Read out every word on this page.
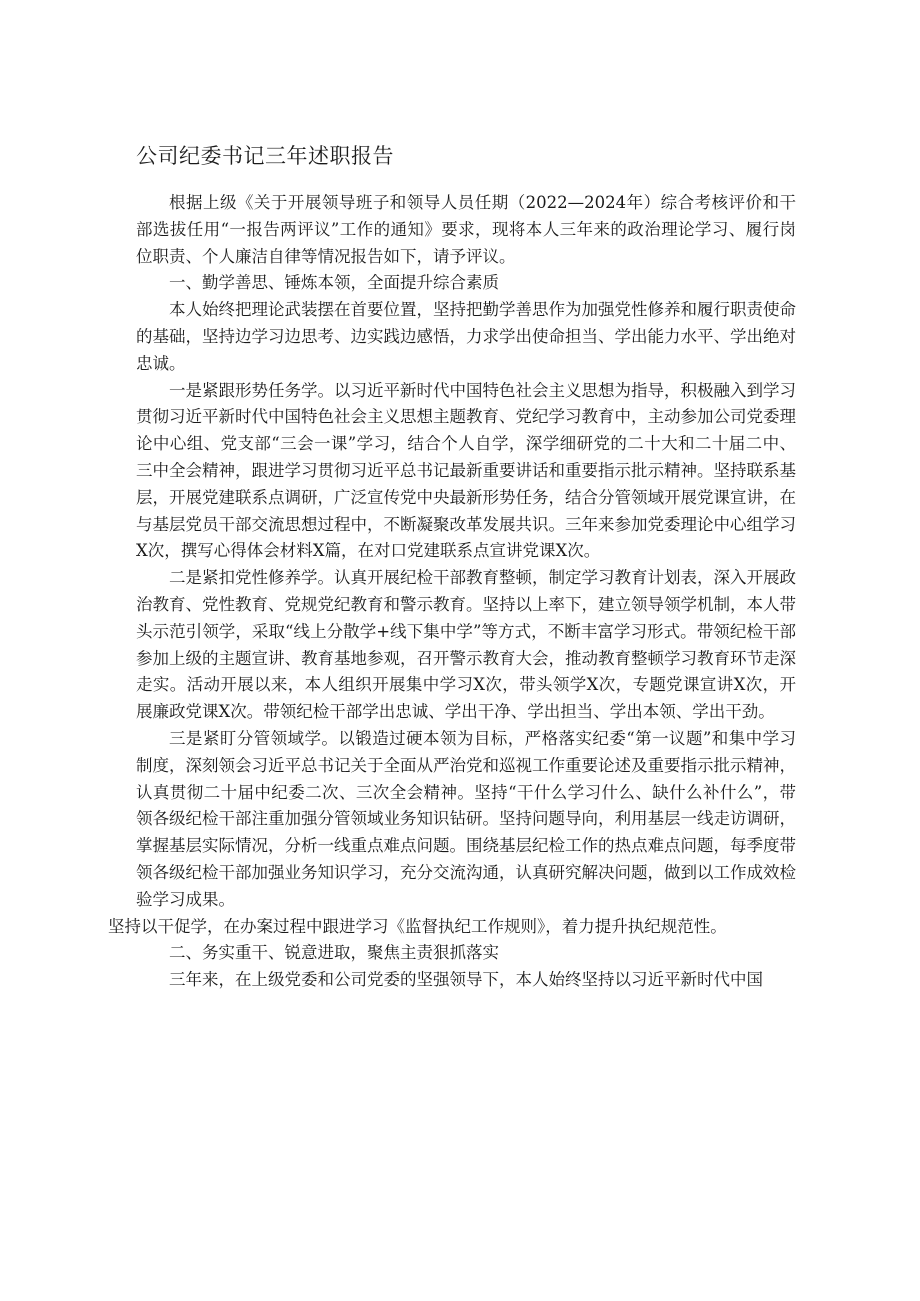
公司纪委书记三年述职报告

根据上级《关于开展领导班子和领导人员任期（2022—2024年）综合考核评价和干部选拔任用“一报告两评议”工作的通知》要求，现将本人三年来的政治理论学习、履行岗位职责、个人廉洁自律等情况报告如下，请予评议。

一、勤学善思、锤炼本领，全面提升综合素质

本人始终把理论武装摆在首要位置，坚持把勤学善思作为加强党性修养和履行职责使命的基础，坚持边学习边思考、边实践边感悟，力求学出使命担当、学出能力水平、学出绝对忠诚。

一是紧跟形势任务学。以习近平新时代中国特色社会主义思想为指导，积极融入到学习贯彻习近平新时代中国特色社会主义思想主题教育、党纪学习教育中，主动参加公司党委理论中心组、党支部“三会一课”学习，结合个人自学，深学细研党的二十大和二十届二中、三中全会精神，跟进学习贯彻习近平总书记最新重要讲话和重要指示批示精神。坚持联系基层，开展党建联系点调研，广泛宣传党中央最新形势任务，结合分管领域开展党课宣讲，在与基层党员干部交流思想过程中，不断凝聚改革发展共识。三年来参加党委理论中心组学习X次，撰写心得体会材料X篇，在对口党建联系点宣讲党课X次。

二是紧扣党性修养学。认真开展纪检干部教育整顿，制定学习教育计划表，深入开展政治教育、党性教育、党规党纪教育和警示教育。坚持以上率下，建立领导领学机制，本人带头示范引领学，采取“线上分散学+线下集中学”等方式，不断丰富学习形式。带领纪检干部参加上级的主题宣讲、教育基地参观，召开警示教育大会，推动教育整顿学习教育环节走深走实。活动开展以来，本人组织开展集中学习X次，带头领学X次，专题党课宣讲X次，开展廉政党课X次。带领纪检干部学出忠诚、学出干净、学出担当、学出本领、学出干劲。

三是紧盯分管领域学。以锻造过硬本领为目标，严格落实纪委“第一议题”和集中学习制度，深刻领会习近平总书记关于全面从严治党和巡视工作重要论述及重要指示批示精神，认真贯彻二十届中纪委二次、三次全会精神。坚持“干什么学习什么、缺什么补什么”，带领各级纪检干部注重加强分管领域业务知识钻研。坚持问题导向，利用基层一线走访调研，掌握基层实际情况，分析一线重点难点问题。围绕基层纪检工作的热点难点问题，每季度带领各级纪检干部加强业务知识学习，充分交流沟通，认真研究解决问题，做到以工作成效检验学习成果。

坚持以干促学，在办案过程中跟进学习《监督执纪工作规则》，着力提升执纪规范性。

二、务实重干、锐意进取，聚焦主责狠抓落实

三年来，在上级党委和公司党委的坚强领导下，本人始终坚持以习近平新时代中国
